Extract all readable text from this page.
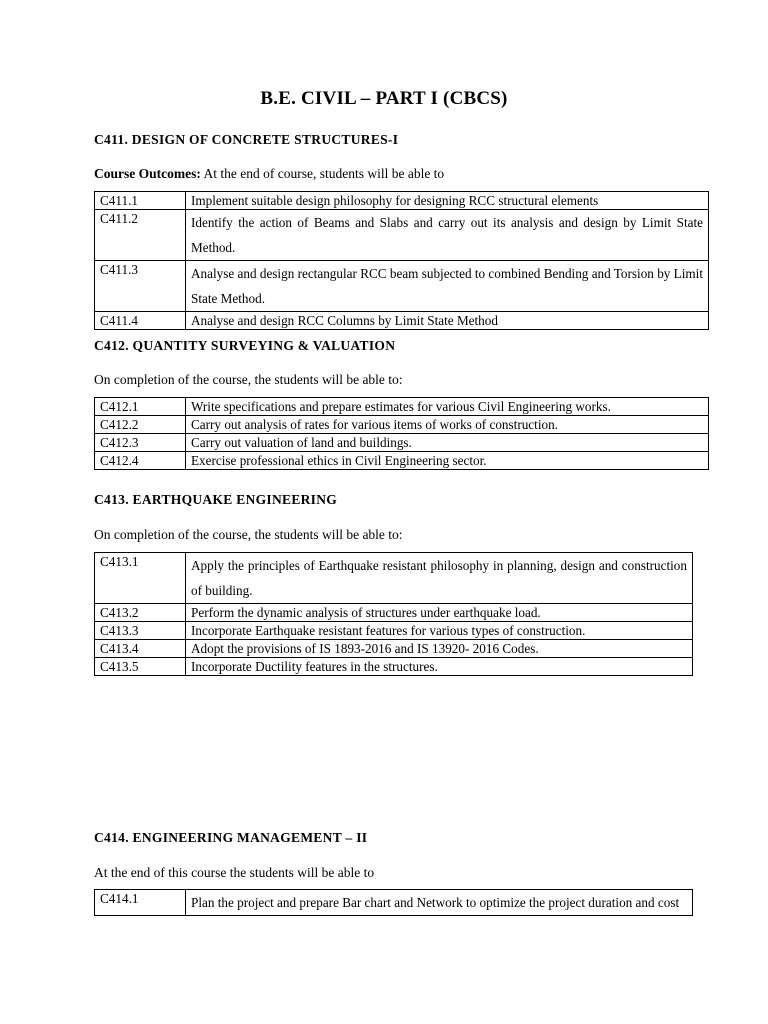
B.E. CIVIL – PART I (CBCS)
C411. DESIGN OF CONCRETE STRUCTURES-I
Course Outcomes: At the end of course, students will be able to
C411.1	Implement suitable design philosophy for designing RCC structural elements
C411.2	Identify the action of Beams and Slabs and carry out its analysis and design by Limit State Method.
C411.3	Analyse and design rectangular RCC beam subjected to combined Bending and Torsion by Limit State Method.
C411.4	Analyse and design RCC Columns by Limit State Method
C412. QUANTITY SURVEYING & VALUATION
On completion of the course, the students will be able to:
C412.1	Write specifications and prepare estimates for various Civil Engineering works.
C412.2	Carry out analysis of rates for various items of works of construction.
C412.3	Carry out valuation of land and buildings.
C412.4	Exercise professional ethics in Civil Engineering sector.
C413. EARTHQUAKE ENGINEERING
On completion of the course, the students will be able to:
C413.1	Apply the principles of Earthquake resistant philosophy in planning, design and construction of building.
C413.2	Perform the dynamic analysis of structures under earthquake load.
C413.3	Incorporate Earthquake resistant features for various types of construction.
C413.4	Adopt the provisions of IS 1893-2016 and IS 13920- 2016 Codes.
C413.5	Incorporate Ductility features in the structures.
C414. ENGINEERING MANAGEMENT – II
At the end of this course the students will be able to
C414.1	Plan the project and prepare Bar chart and Network to optimize the project duration and cost
